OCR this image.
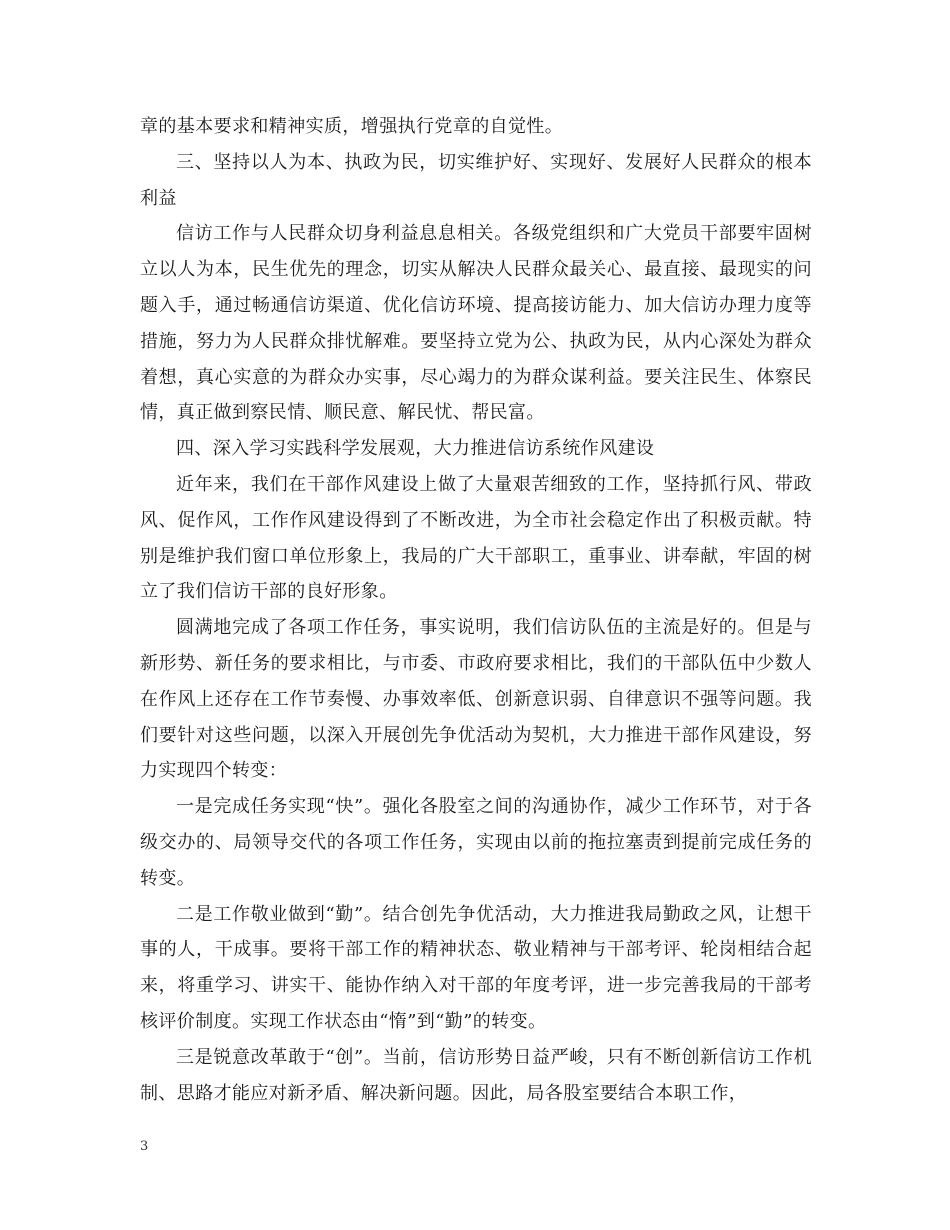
章的基本要求和精神实质，增强执行党章的自觉性。

三、坚持以人为本、执政为民，切实维护好、实现好、发展好人民群众的根本利益

信访工作与人民群众切身利益息息相关。各级党组织和广大党员干部要牢固树立以人为本，民生优先的理念，切实从解决人民群众最关心、最直接、最现实的问题入手，通过畅通信访渠道、优化信访环境、提高接访能力、加大信访办理力度等措施，努力为人民群众排忧解难。要坚持立党为公、执政为民，从内心深处为群众着想，真心实意的为群众办实事，尽心竭力的为群众谋利益。要关注民生、体察民情，真正做到察民情、顺民意、解民忧、帮民富。

四、深入学习实践科学发展观，大力推进信访系统作风建设

近年来，我们在干部作风建设上做了大量艰苦细致的工作，坚持抓行风、带政风、促作风，工作作风建设得到了不断改进，为全市社会稳定作出了积极贡献。特别是维护我们窗口单位形象上，我局的广大干部职工，重事业、讲奉献，牢固的树立了我们信访干部的良好形象。

圆满地完成了各项工作任务，事实说明，我们信访队伍的主流是好的。但是与新形势、新任务的要求相比，与市委、市政府要求相比，我们的干部队伍中少数人在作风上还存在工作节奏慢、办事效率低、创新意识弱、自律意识不强等问题。我们要针对这些问题，以深入开展创先争优活动为契机，大力推进干部作风建设，努力实现四个转变：

一是完成任务实现“快”。强化各股室之间的沟通协作，减少工作环节，对于各级交办的、局领导交代的各项工作任务，实现由以前的拖拉塞责到提前完成任务的转变。

二是工作敬业做到“勤”。结合创先争优活动，大力推进我局勤政之风，让想干事的人，干成事。要将干部工作的精神状态、敬业精神与干部考评、轮岗相结合起来，将重学习、讲实干、能协作纳入对干部的年度考评，进一步完善我局的干部考核评价制度。实现工作状态由“惰”到“勤”的转变。

三是锐意改革敢于“创”。当前，信访形势日益严峻，只有不断创新信访工作机制、思路才能应对新矛盾、解决新问题。因此，局各股室要结合本职工作，

3
